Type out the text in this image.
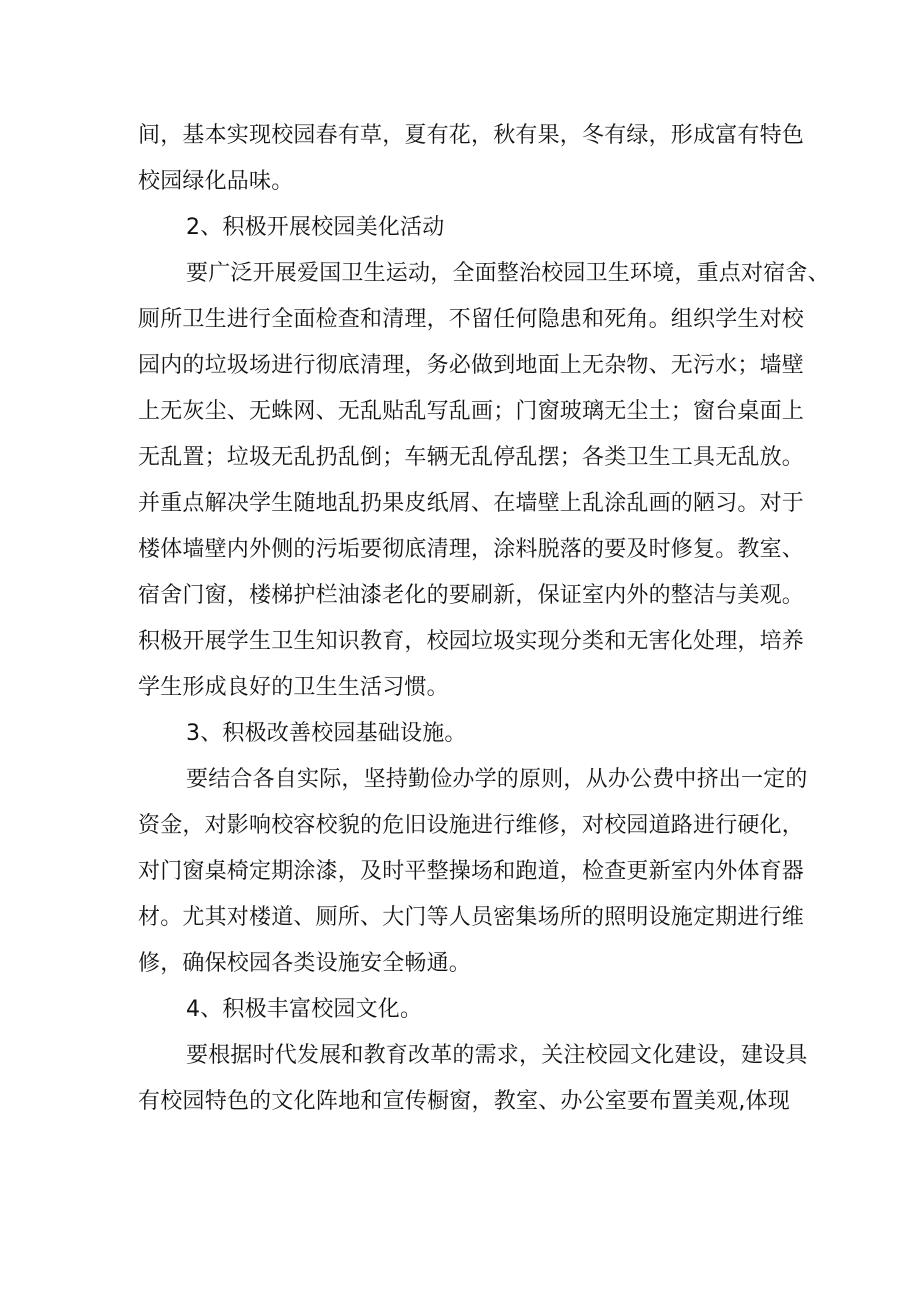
间，基本实现校园春有草，夏有花，秋有果，冬有绿，形成富有特色
校园绿化品味。
2、积极开展校园美化活动
要广泛开展爱国卫生运动，全面整治校园卫生环境，重点对宿舍、
厕所卫生进行全面检查和清理，不留任何隐患和死角。组织学生对校
园内的垃圾场进行彻底清理，务必做到地面上无杂物、无污水；墙壁
上无灰尘、无蛛网、无乱贴乱写乱画；门窗玻璃无尘土；窗台桌面上
无乱置；垃圾无乱扔乱倒；车辆无乱停乱摆；各类卫生工具无乱放。
并重点解决学生随地乱扔果皮纸屑、在墙壁上乱涂乱画的陋习。对于
楼体墙壁内外侧的污垢要彻底清理，涂料脱落的要及时修复。教室、
宿舍门窗，楼梯护栏油漆老化的要刷新，保证室内外的整洁与美观。
积极开展学生卫生知识教育，校园垃圾实现分类和无害化处理，培养
学生形成良好的卫生生活习惯。
3、积极改善校园基础设施。
要结合各自实际，坚持勤俭办学的原则，从办公费中挤出一定的
资金，对影响校容校貌的危旧设施进行维修，对校园道路进行硬化，
对门窗桌椅定期涂漆，及时平整操场和跑道，检查更新室内外体育器
材。尤其对楼道、厕所、大门等人员密集场所的照明设施定期进行维
修，确保校园各类设施安全畅通。
4、积极丰富校园文化。
要根据时代发展和教育改革的需求，关注校园文化建设，建设具
有校园特色的文化阵地和宣传橱窗，教室、办公室要布置美观,体现
